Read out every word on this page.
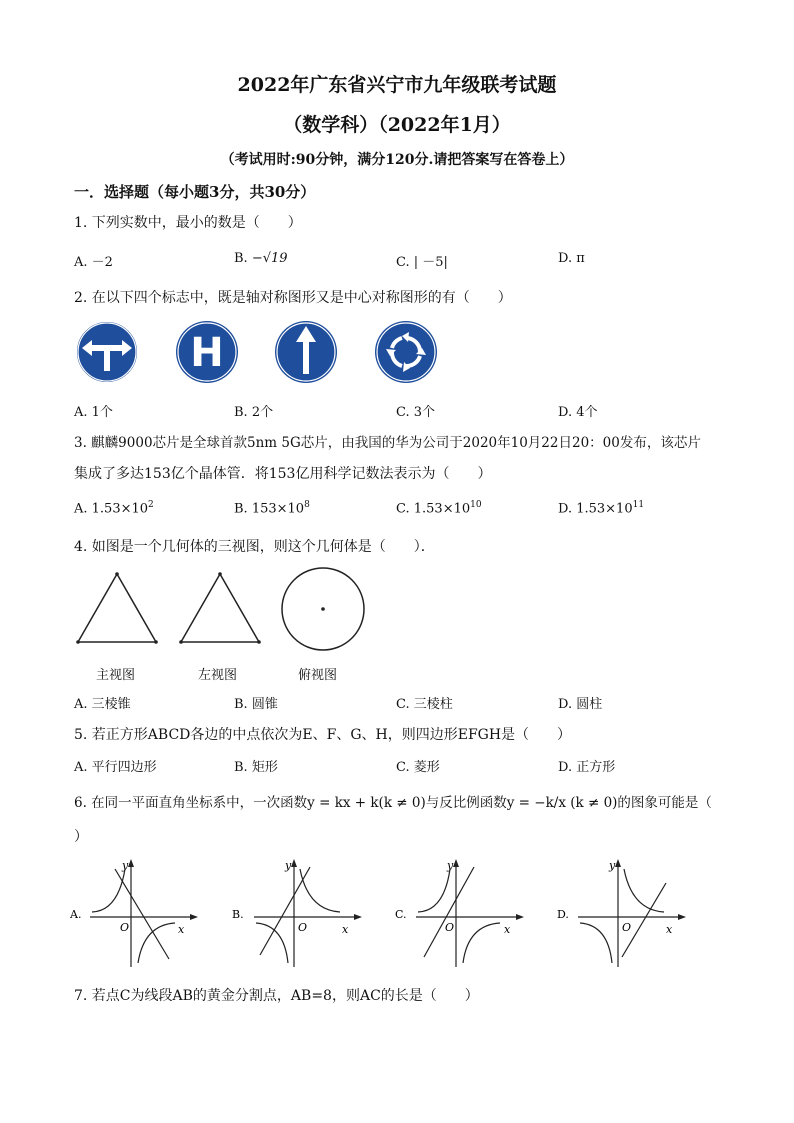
2022年广东省兴宁市九年级联考试题
（数学科）（2022年1月）
（考试用时:90分钟，满分120分.请把答案写在答卷上）
一．选择题（每小题3分，共30分）
1. 下列实数中，最小的数是（　　）
A. －2	B. −√19	C. | －5|	D. π
2. 在以下四个标志中，既是轴对称图形又是中心对称图形的有（　　）
H
A. 1个	B. 2个	C. 3个	D. 4个
3. 麒麟9000芯片是全球首款5nm 5G芯片，由我国的华为公司于2020年10月22日20：00发布，该芯片
集成了多达153亿个晶体管．将153亿用科学记数法表示为（　　）
A. $1.53\times 10^2$	B. $153\times 10^8$	C. $1.53\times 10^{10}$	D. $1.53\times 10^{11}$
4. 如图是一个几何体的三视图，则这个几何体是（　　）．
主视图	左视图	俯视图
A. 三棱锥	B. 圆锥	C. 三棱柱	D. 圆柱
5. 若正方形ABCD各边的中点依次为E、F、G、H，则四边形EFGH是（　　）
A. 平行四边形	B. 矩形	C. 菱形	D. 正方形
6. 在同一平面直角坐标系中，一次函数y = kx + k(k ≠ 0)与反比例函数y = −k/x (k ≠ 0)的图象可能是（
）
A.
y
x
O
B.
y
x
O
C.
y
x
O
D.
y
x
O
7. 若点C为线段AB的黄金分割点，AB=8，则AC的长是（　　）
